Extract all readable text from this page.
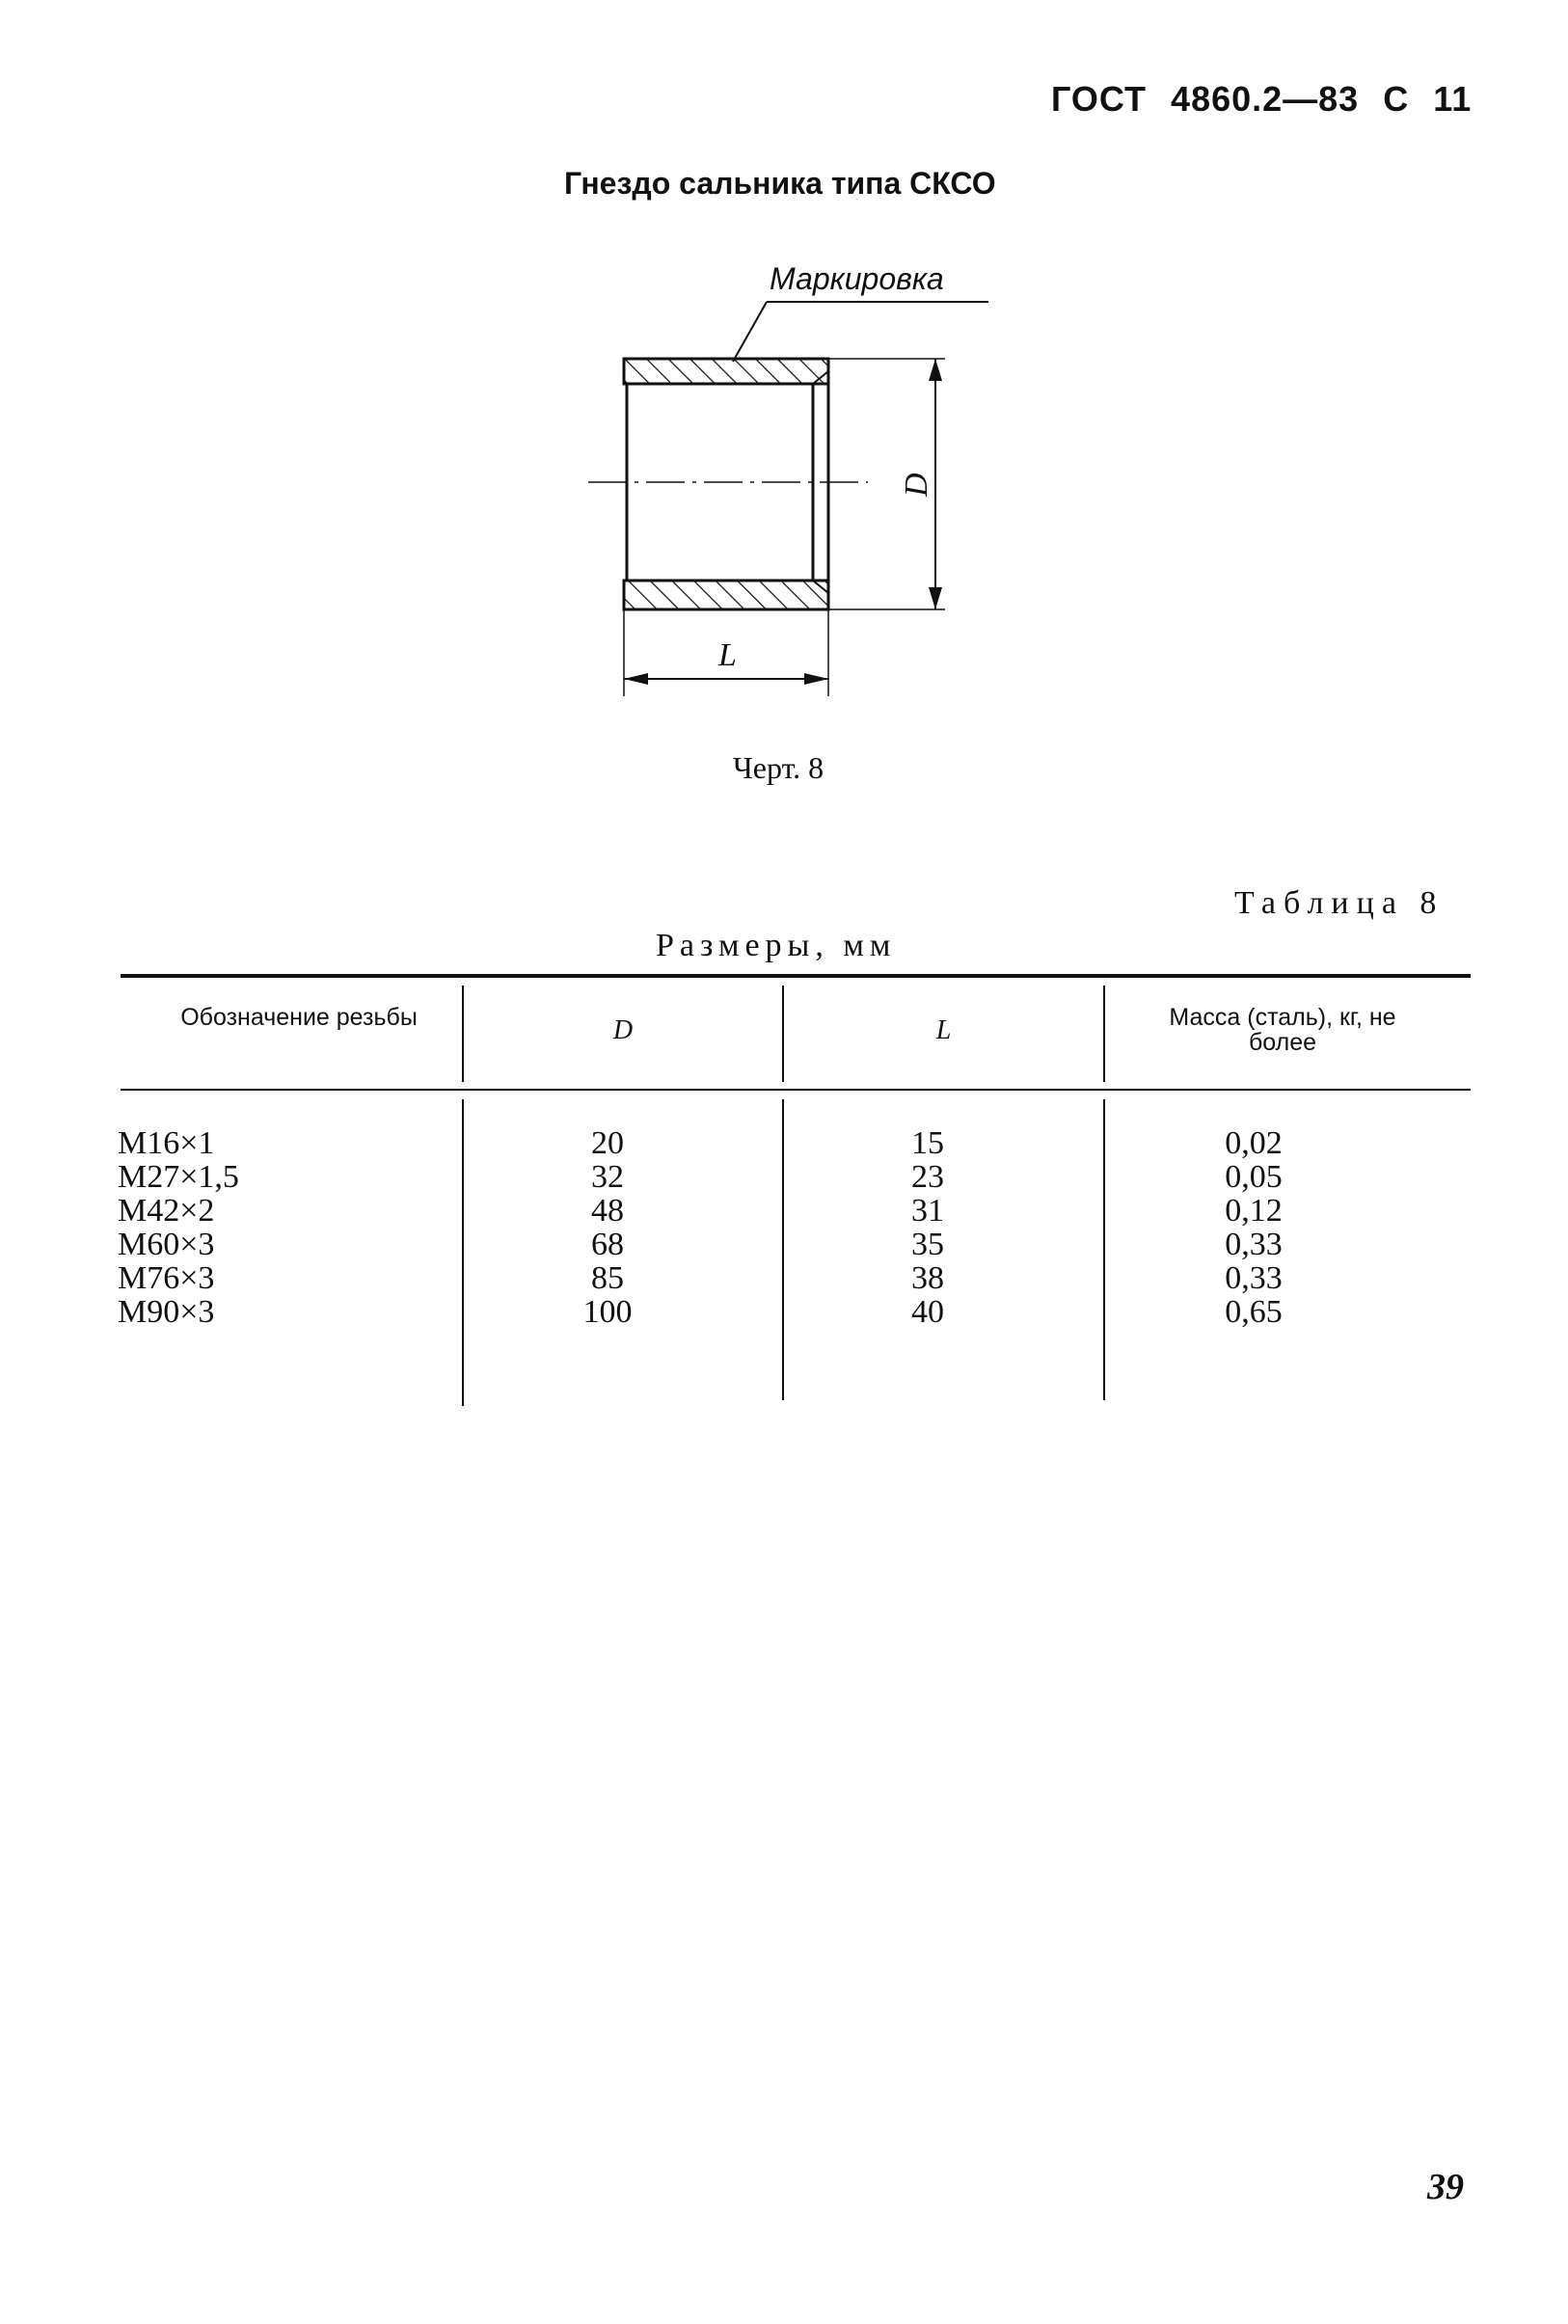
ГОСТ 4860.2—83 С 11
Гнездо сальника типа СКСО
Маркировка
D
L
Черт. 8
Таблица 8
Размеры, мм
Обозначение резьбы	D	L	Масса (сталь), кг, не более
M16×1	20	15	0,02
M27×1,5	32	23	0,05
M42×2	48	31	0,12
M60×3	68	35	0,33
M76×3	85	38	0,33
M90×3	100	40	0,65
39
